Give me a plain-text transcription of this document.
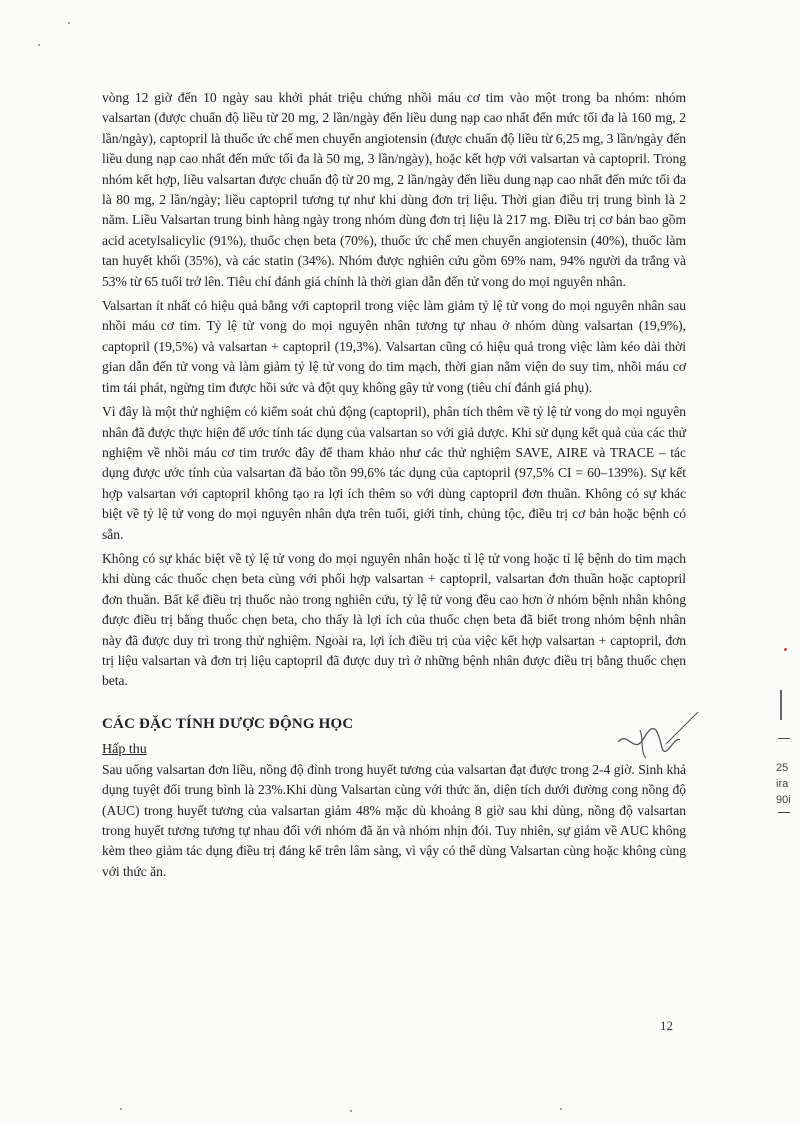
vòng 12 giờ đến 10 ngày sau khởi phát triệu chứng nhồi máu cơ tim vào một trong ba nhóm: nhóm valsartan (được chuẩn độ liều từ 20 mg, 2 lần/ngày đến liều dung nạp cao nhất đến mức tối đa là 160 mg, 2 lần/ngày), captopril là thuốc ức chế men chuyển angiotensin (được chuẩn độ liều từ 6,25 mg, 3 lần/ngày đến liều dung nạp cao nhất đến mức tối đa là 50 mg, 3 lần/ngày), hoặc kết hợp với valsartan và captopril. Trong nhóm kết hợp, liều valsartan được chuẩn độ từ 20 mg, 2 lần/ngày đến liều dung nạp cao nhất đến mức tối đa là 80 mg, 2 lần/ngày; liều captopril tương tự như khi dùng đơn trị liệu. Thời gian điều trị trung bình là 2 năm. Liều Valsartan trung bình hàng ngày trong nhóm dùng đơn trị liệu là 217 mg. Điều trị cơ bản bao gồm acid acetylsalicylic (91%), thuốc chẹn beta (70%), thuốc ức chế men chuyển angiotensin (40%), thuốc làm tan huyết khối (35%), và các statin (34%). Nhóm được nghiên cứu gồm 69% nam, 94% người da trắng và 53% từ 65 tuổi trở lên. Tiêu chí đánh giá chính là thời gian dẫn đến tử vong do mọi nguyên nhân.

Valsartan ít nhất có hiệu quả bằng với captopril trong việc làm giảm tỷ lệ tử vong do mọi nguyên nhân sau nhồi máu cơ tim. Tỷ lệ tử vong do mọi nguyên nhân tương tự nhau ở nhóm dùng valsartan (19,9%), captopril (19,5%) và valsartan + captopril (19,3%). Valsartan cũng có hiệu quả trong việc làm kéo dài thời gian dẫn đến tử vong và làm giảm tỷ lệ tử vong do tim mạch, thời gian nằm viện do suy tim, nhồi máu cơ tim tái phát, ngừng tim được hồi sức và đột quỵ không gây tử vong (tiêu chí đánh giá phụ).

Vì đây là một thử nghiệm có kiểm soát chủ động (captopril), phân tích thêm về tỷ lệ tử vong do mọi nguyên nhân đã được thực hiện để ước tính tác dụng của valsartan so với giả dược. Khi sử dụng kết quả của các thử nghiệm về nhồi máu cơ tim trước đây để tham khảo như các thử nghiệm SAVE, AIRE và TRACE – tác dụng được ước tính của valsartan đã bảo tồn 99,6% tác dụng của captopril (97,5% CI = 60–139%). Sự kết hợp valsartan với captopril không tạo ra lợi ích thêm so với dùng captopril đơn thuần. Không có sự khác biệt về tỷ lệ tử vong do mọi nguyên nhân dựa trên tuổi, giới tính, chủng tộc, điều trị cơ bản hoặc bệnh có sẵn.

Không có sự khác biệt về tỷ lệ tử vong do mọi nguyên nhân hoặc tỉ lệ tử vong hoặc tỉ lệ bệnh do tim mạch khi dùng các thuốc chẹn beta cùng với phối hợp valsartan + captopril, valsartan đơn thuần hoặc captopril đơn thuần. Bất kể điều trị thuốc nào trong nghiên cứu, tỷ lệ tử vong đều cao hơn ở nhóm bệnh nhân không được điều trị bằng thuốc chẹn beta, cho thấy là lợi ích của thuốc chẹn beta đã biết trong nhóm bệnh nhân này đã được duy trì trong thử nghiệm. Ngoài ra, lợi ích điều trị của việc kết hợp valsartan + captopril, đơn trị liệu valsartan và đơn trị liệu captopril đã được duy trì ở những bệnh nhân được điều trị bằng thuốc chẹn beta.

CÁC ĐẶC TÍNH DƯỢC ĐỘNG HỌC
Hấp thu

Sau uống valsartan đơn liều, nồng độ đỉnh trong huyết tương của valsartan đạt được trong 2-4 giờ. Sinh khả dụng tuyệt đối trung bình là 23%.Khi dùng Valsartan cùng với thức ăn, diện tích dưới đường cong nồng độ (AUC) trong huyết tương của valsartan giảm 48% mặc dù khoảng 8 giờ sau khi dùng, nồng độ valsartan trong huyết tương tương tự nhau đối với nhóm đã ăn và nhóm nhịn đói. Tuy nhiên, sự giảm về AUC không kèm theo giảm tác dụng điều trị đáng kể trên lâm sàng, vì vậy có thể dùng Valsartan cùng hoặc không cùng với thức ăn.

12
25
ira
90i
